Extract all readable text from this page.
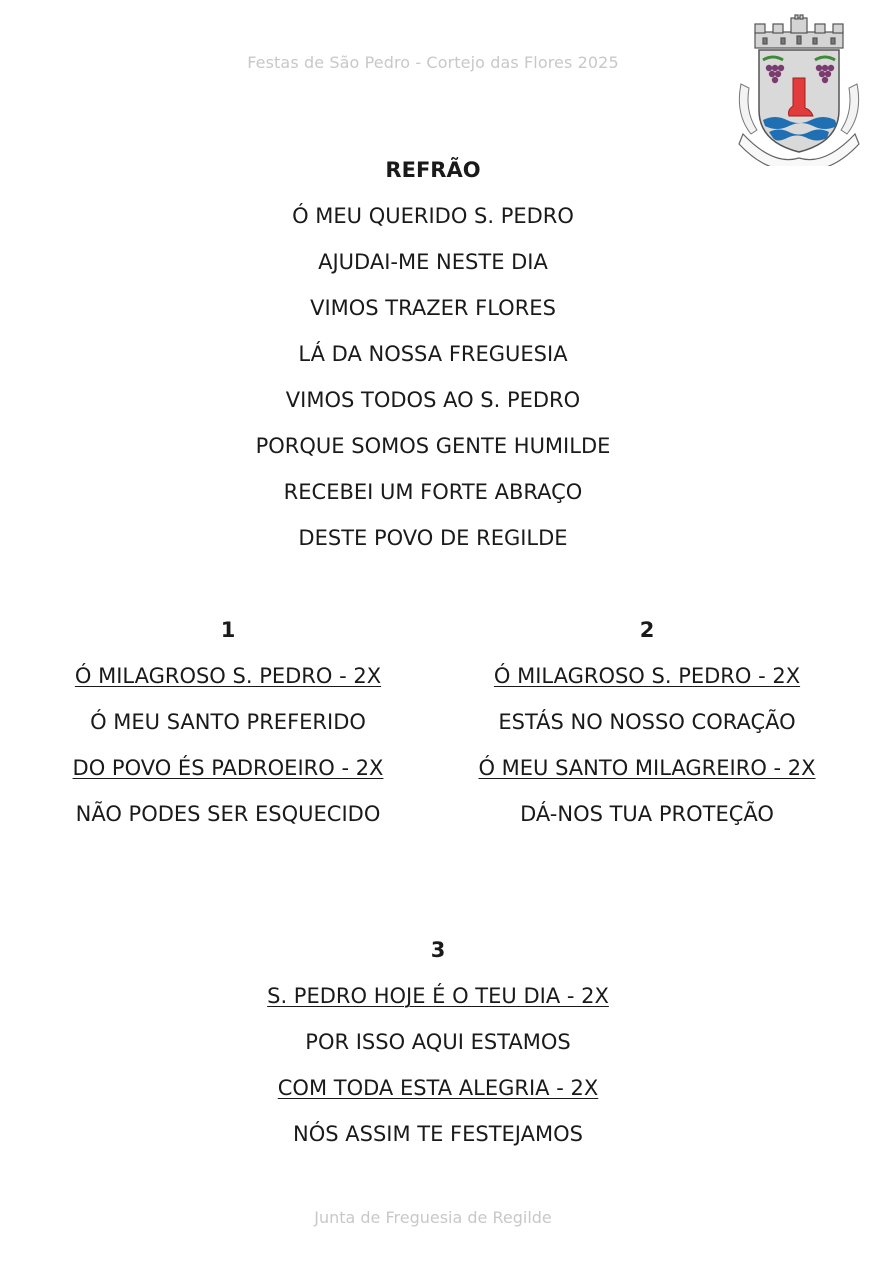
Festas de São Pedro - Cortejo das Flores 2025
REFRÃO
Ó MEU QUERIDO S. PEDRO
AJUDAI-ME NESTE DIA
VIMOS TRAZER FLORES
LÁ DA NOSSA FREGUESIA
VIMOS TODOS AO S. PEDRO
PORQUE SOMOS GENTE HUMILDE
RECEBEI UM FORTE ABRAÇO
DESTE POVO DE REGILDE
1
Ó MILAGROSO S. PEDRO - 2X
Ó MEU SANTO PREFERIDO
DO POVO ÉS PADROEIRO - 2X
NÃO PODES SER ESQUECIDO
2
Ó MILAGROSO S. PEDRO - 2X
ESTÁS NO NOSSO CORAÇÃO
Ó MEU SANTO MILAGREIRO - 2X
DÁ-NOS TUA PROTEÇÃO
3
S. PEDRO HOJE É O TEU DIA - 2X
POR ISSO AQUI ESTAMOS
COM TODA ESTA ALEGRIA - 2X
NÓS ASSIM TE FESTEJAMOS
Junta de Freguesia de Regilde
